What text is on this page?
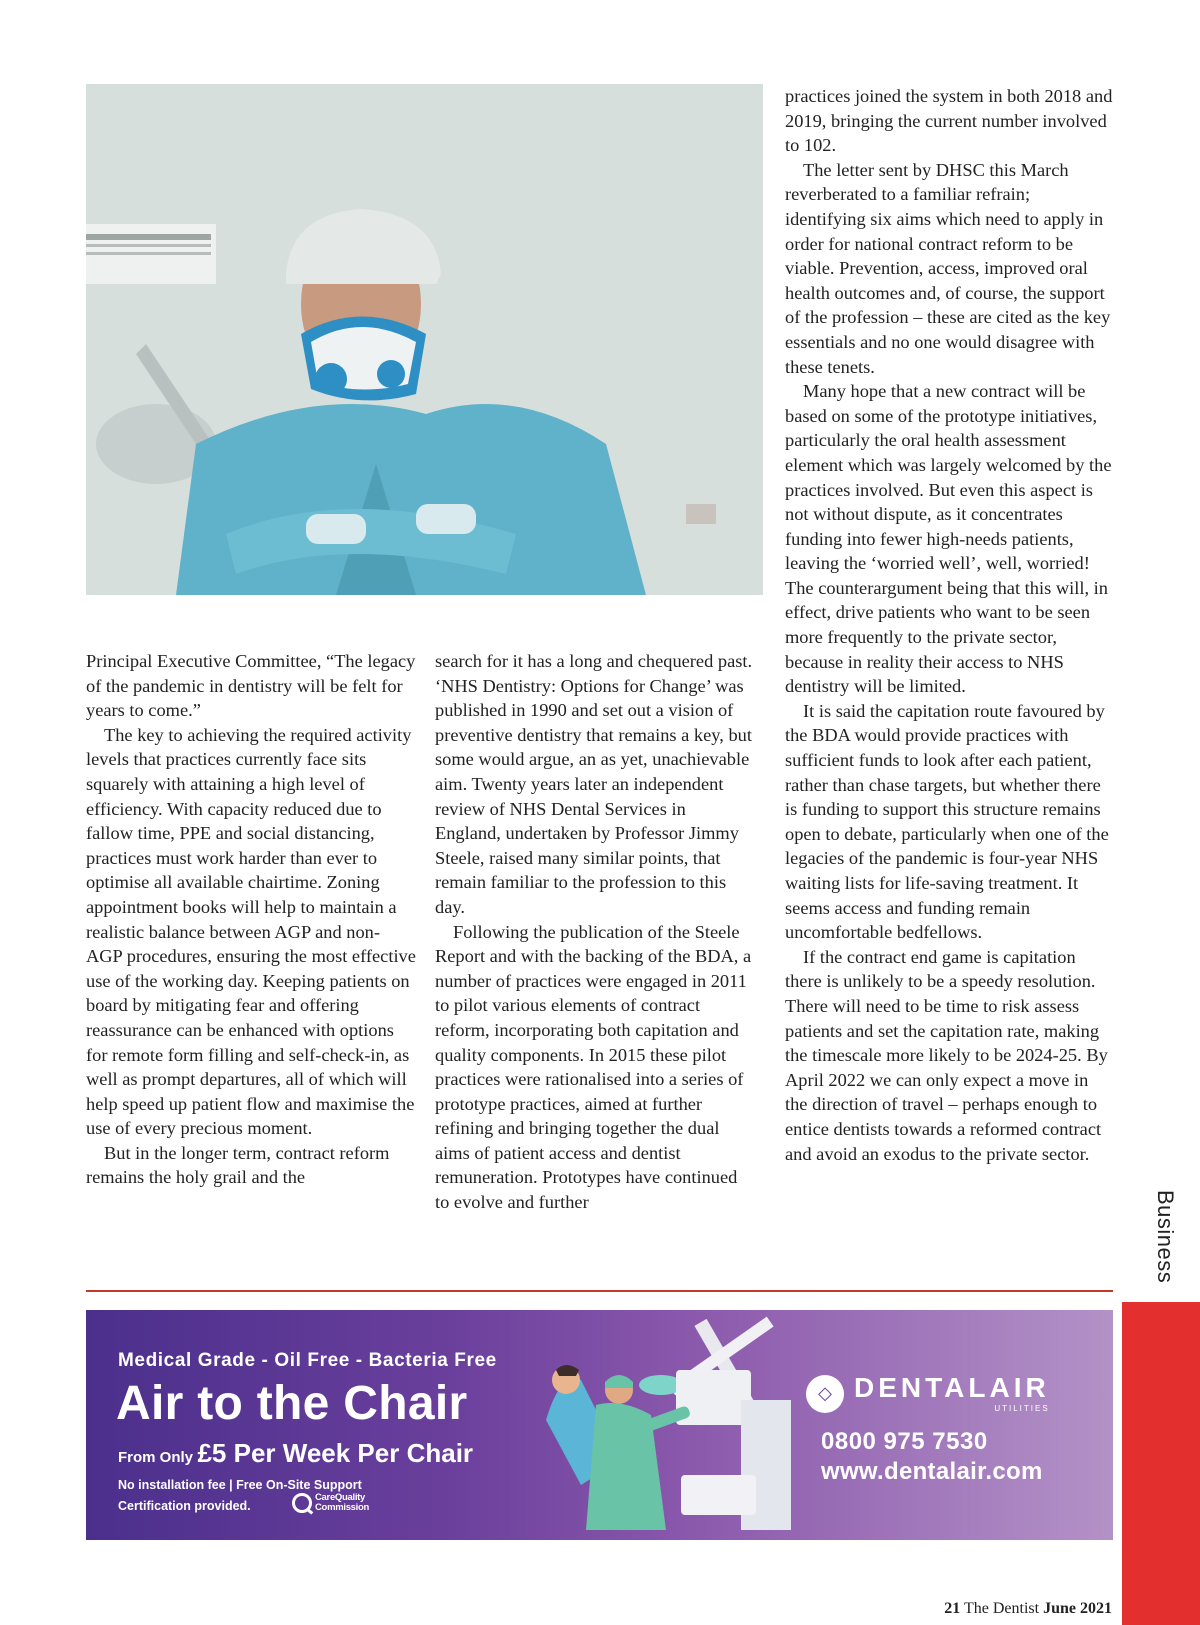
Principal Executive Committee, “The legacy of the pandemic in dentistry will be felt for years to come.”

The key to achieving the required activity levels that practices currently face sits squarely with attaining a high level of efficiency. With capacity reduced due to fallow time, PPE and social distancing, practices must work harder than ever to optimise all available chairtime. Zoning appointment books will help to maintain a realistic balance between AGP and non-AGP procedures, ensuring the most effective use of the working day. Keeping patients on board by mitigating fear and offering reassurance can be enhanced with options for remote form filling and self-check-in, as well as prompt departures, all of which will help speed up patient flow and maximise the use of every precious moment.

But in the longer term, contract reform remains the holy grail and the

search for it has a long and chequered past. ‘NHS Dentistry: Options for Change’ was published in 1990 and set out a vision of preventive dentistry that remains a key, but some would argue, an as yet, unachievable aim. Twenty years later an independent review of NHS Dental Services in England, undertaken by Professor Jimmy Steele, raised many similar points, that remain familiar to the profession to this day.

Following the publication of the Steele Report and with the backing of the BDA, a number of practices were engaged in 2011 to pilot various elements of contract reform, incorporating both capitation and quality components. In 2015 these pilot practices were rationalised into a series of prototype practices, aimed at further refining and bringing together the dual aims of patient access and dentist remuneration. Prototypes have continued to evolve and further

practices joined the system in both 2018 and 2019, bringing the current number involved to 102.

The letter sent by DHSC this March reverberated to a familiar refrain; identifying six aims which need to apply in order for national contract reform to be viable. Prevention, access, improved oral health outcomes and, of course, the support of the profession – these are cited as the key essentials and no one would disagree with these tenets.

Many hope that a new contract will be based on some of the prototype initiatives, particularly the oral health assessment element which was largely welcomed by the practices involved. But even this aspect is not without dispute, as it concentrates funding into fewer high-needs patients, leaving the ‘worried well’, well, worried! The counterargument being that this will, in effect, drive patients who want to be seen more frequently to the private sector, because in reality their access to NHS dentistry will be limited.

It is said the capitation route favoured by the BDA would provide practices with sufficient funds to look after each patient, rather than chase targets, but whether there is funding to support this structure remains open to debate, particularly when one of the legacies of the pandemic is four-year NHS waiting lists for life-saving treatment. It seems access and funding remain uncomfortable bedfellows.

If the contract end game is capitation there is unlikely to be a speedy resolution. There will need to be time to risk assess patients and set the capitation rate, making the timescale more likely to be 2024-25. By April 2022 we can only expect a move in the direction of travel – perhaps enough to entice dentists towards a reformed contract and avoid an exodus to the private sector.

Business
Medical Grade - Oil Free - Bacteria Free
Air to the Chair
From Only £5 Per Week Per Chair
No installation fee | Free On-Site Support
Certification provided.
CareQuality
Commission
◇ DENTALAIR
UTILITIES
0800 975 7530
www.dentalair.com
21 The Dentist June 2021
